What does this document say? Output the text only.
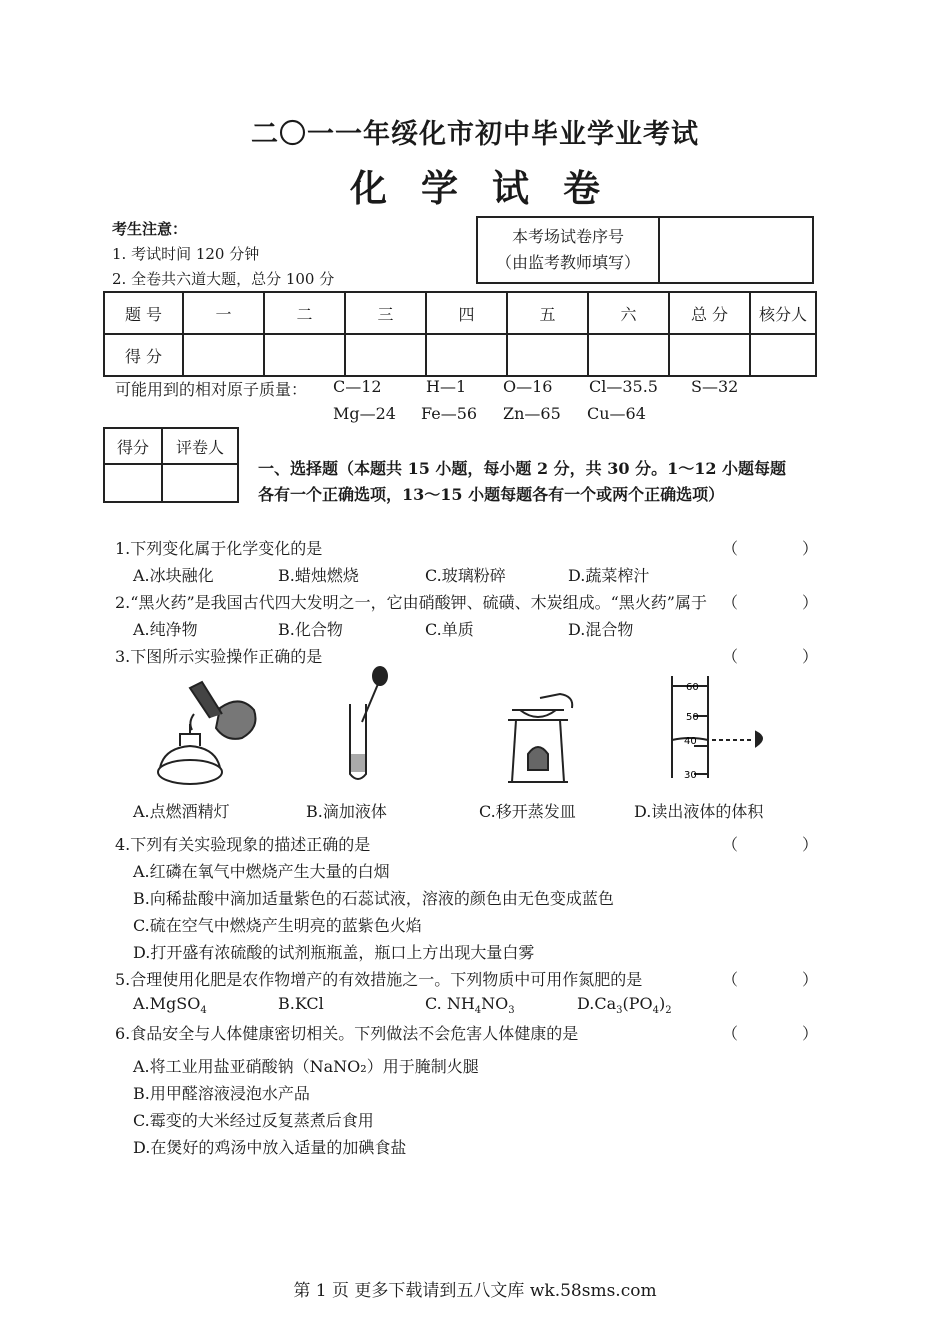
二〇一一年绥化市初中毕业学业考试
化学试卷
考生注意：
1. 考试时间 120 分钟
2. 全卷共六道大题，总分 100 分
本考场试卷序号
（由监考教师填写）

题 号	一	二	三	四	五	六	总 分	核分人
得 分								
可能用到的相对原子质量： C—12	H—1 O—16 Cl—35.5 S—32
Mg—24 Fe—56 Zn—65 Cu—64
得分	评卷人

一、选择题（本题共 15 小题，每小题 2 分，共 30 分。1～12 小题每题
各有一个正确选项，13～15 小题每题各有一个或两个正确选项）
1.下列变化属于化学变化的是	（　　　　）
A.冰块融化	B.蜡烛燃烧	C.玻璃粉碎	D.蔬菜榨汁
2.“黑火药”是我国古代四大发明之一，它由硝酸钾、硫磺、木炭组成。“黑火药”属于 （　　　　）
A.纯净物	B.化合物	C.单质	D.混合物
3.下图所示实验操作正确的是	（　　　　）
60
50
40
30
A.点燃酒精灯	B.滴加液体	C.移开蒸发皿	D.读出液体的体积
4.下列有关实验现象的描述正确的是	（　　　　）
A.红磷在氧气中燃烧产生大量的白烟
B.向稀盐酸中滴加适量紫色的石蕊试液，溶液的颜色由无色变成蓝色
C.硫在空气中燃烧产生明亮的蓝紫色火焰
D.打开盛有浓硫酸的试剂瓶瓶盖，瓶口上方出现大量白雾
5.合理使用化肥是农作物增产的有效措施之一。下列物质中可用作氮肥的是	（　　　　）
A.MgSO$_4$	B.KCl	C. $NH_4NO_3$	$D.Ca_3(PO_4)_2$
6.食品安全与人体健康密切相关。下列做法不会危害人体健康的是	（　　　　）
A.将工业用盐亚硝酸钠（NaNO₂）用于腌制火腿
B.用甲醛溶液浸泡水产品
C.霉变的大米经过反复蒸煮后食用
D.在煲好的鸡汤中放入适量的加碘食盐
第 1 页 更多下载请到五八文库 wk.58sms.com
